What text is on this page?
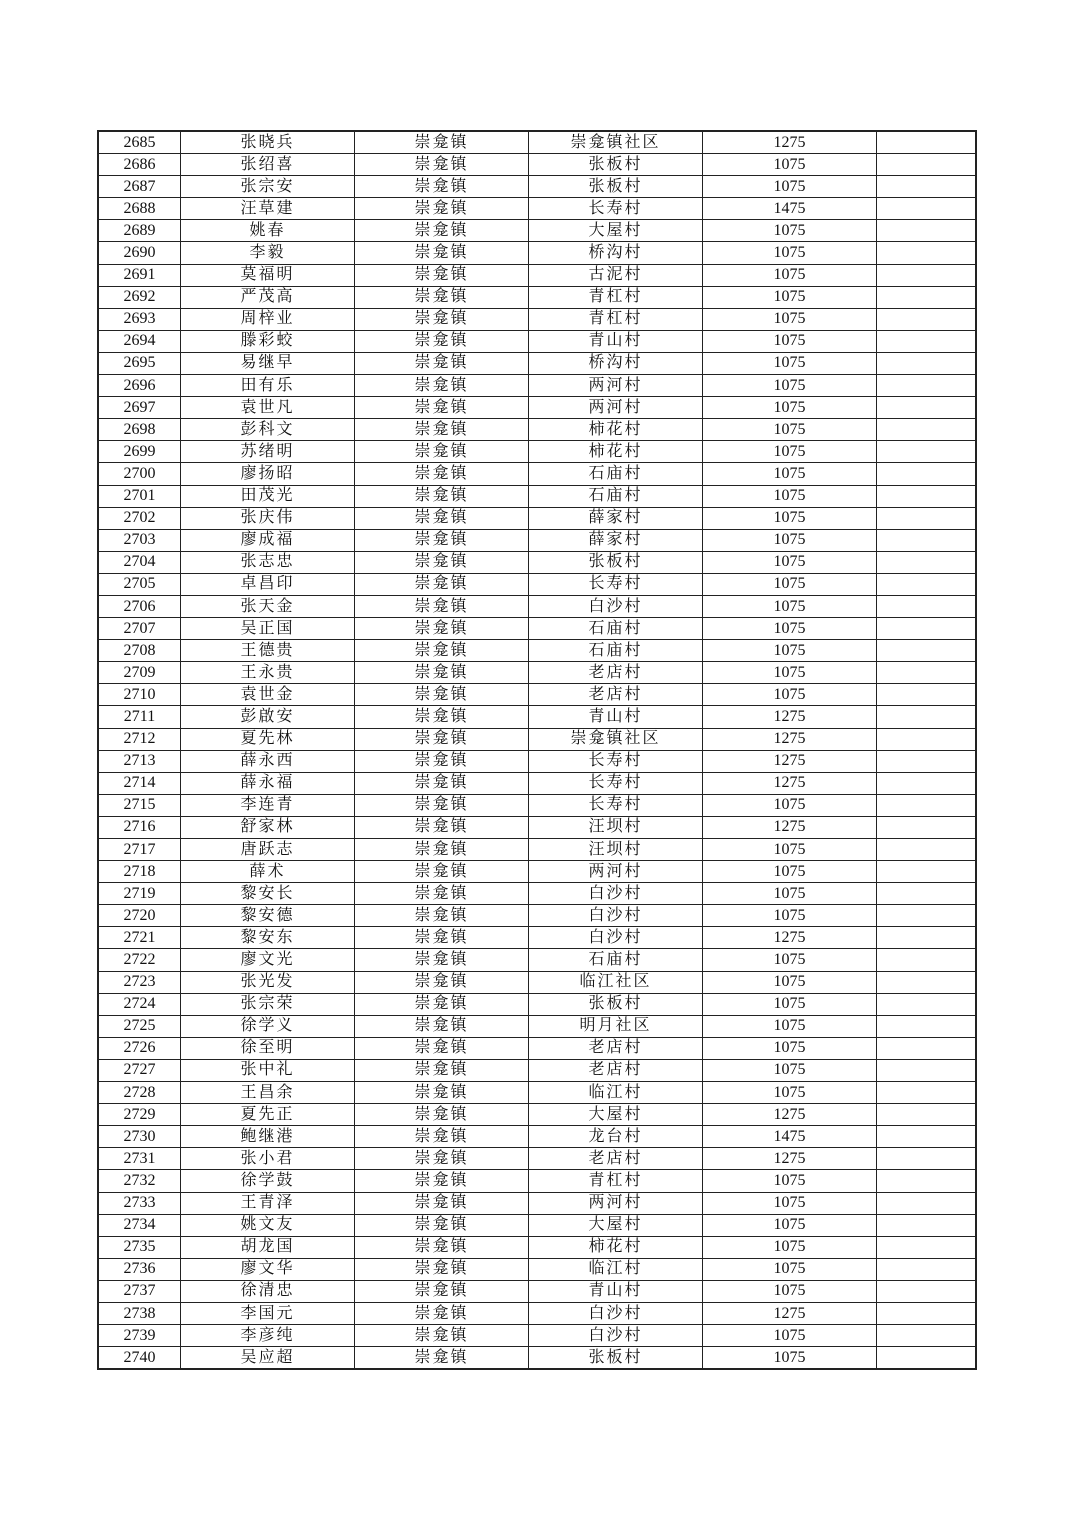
2685	张晓兵	崇龛镇	崇龛镇社区	1275	
2686	张绍喜	崇龛镇	张板村	1075	
2687	张宗安	崇龛镇	张板村	1075	
2688	汪草建	崇龛镇	长寿村	1475	
2689	姚春	崇龛镇	大屋村	1075	
2690	李毅	崇龛镇	桥沟村	1075	
2691	莫福明	崇龛镇	古泥村	1075	
2692	严茂高	崇龛镇	青杠村	1075	
2693	周梓业	崇龛镇	青杠村	1075	
2694	滕彩蛟	崇龛镇	青山村	1075	
2695	易继早	崇龛镇	桥沟村	1075	
2696	田有乐	崇龛镇	两河村	1075	
2697	袁世凡	崇龛镇	两河村	1075	
2698	彭科文	崇龛镇	柿花村	1075	
2699	苏绪明	崇龛镇	柿花村	1075	
2700	廖扬昭	崇龛镇	石庙村	1075	
2701	田茂光	崇龛镇	石庙村	1075	
2702	张庆伟	崇龛镇	薛家村	1075	
2703	廖成福	崇龛镇	薛家村	1075	
2704	张志忠	崇龛镇	张板村	1075	
2705	卓昌印	崇龛镇	长寿村	1075	
2706	张天金	崇龛镇	白沙村	1075	
2707	吴正国	崇龛镇	石庙村	1075	
2708	王德贵	崇龛镇	石庙村	1075	
2709	王永贵	崇龛镇	老店村	1075	
2710	袁世金	崇龛镇	老店村	1075	
2711	彭啟安	崇龛镇	青山村	1275	
2712	夏先林	崇龛镇	崇龛镇社区	1275	
2713	薛永西	崇龛镇	长寿村	1275	
2714	薛永福	崇龛镇	长寿村	1275	
2715	李连青	崇龛镇	长寿村	1075	
2716	舒家林	崇龛镇	汪坝村	1275	
2717	唐跃志	崇龛镇	汪坝村	1075	
2718	薛术	崇龛镇	两河村	1075	
2719	黎安长	崇龛镇	白沙村	1075	
2720	黎安德	崇龛镇	白沙村	1075	
2721	黎安东	崇龛镇	白沙村	1275	
2722	廖文光	崇龛镇	石庙村	1075	
2723	张光发	崇龛镇	临江社区	1075	
2724	张宗荣	崇龛镇	张板村	1075	
2725	徐学义	崇龛镇	明月社区	1075	
2726	徐至明	崇龛镇	老店村	1075	
2727	张中礼	崇龛镇	老店村	1075	
2728	王昌余	崇龛镇	临江村	1075	
2729	夏先正	崇龛镇	大屋村	1275	
2730	鲍继港	崇龛镇	龙台村	1475	
2731	张小君	崇龛镇	老店村	1275	
2732	徐学鼓	崇龛镇	青杠村	1075	
2733	王青泽	崇龛镇	两河村	1075	
2734	姚文友	崇龛镇	大屋村	1075	
2735	胡龙国	崇龛镇	柿花村	1075	
2736	廖文华	崇龛镇	临江村	1075	
2737	徐清忠	崇龛镇	青山村	1075	
2738	李国元	崇龛镇	白沙村	1275	
2739	李彦纯	崇龛镇	白沙村	1075	
2740	吴应超	崇龛镇	张板村	1075	
